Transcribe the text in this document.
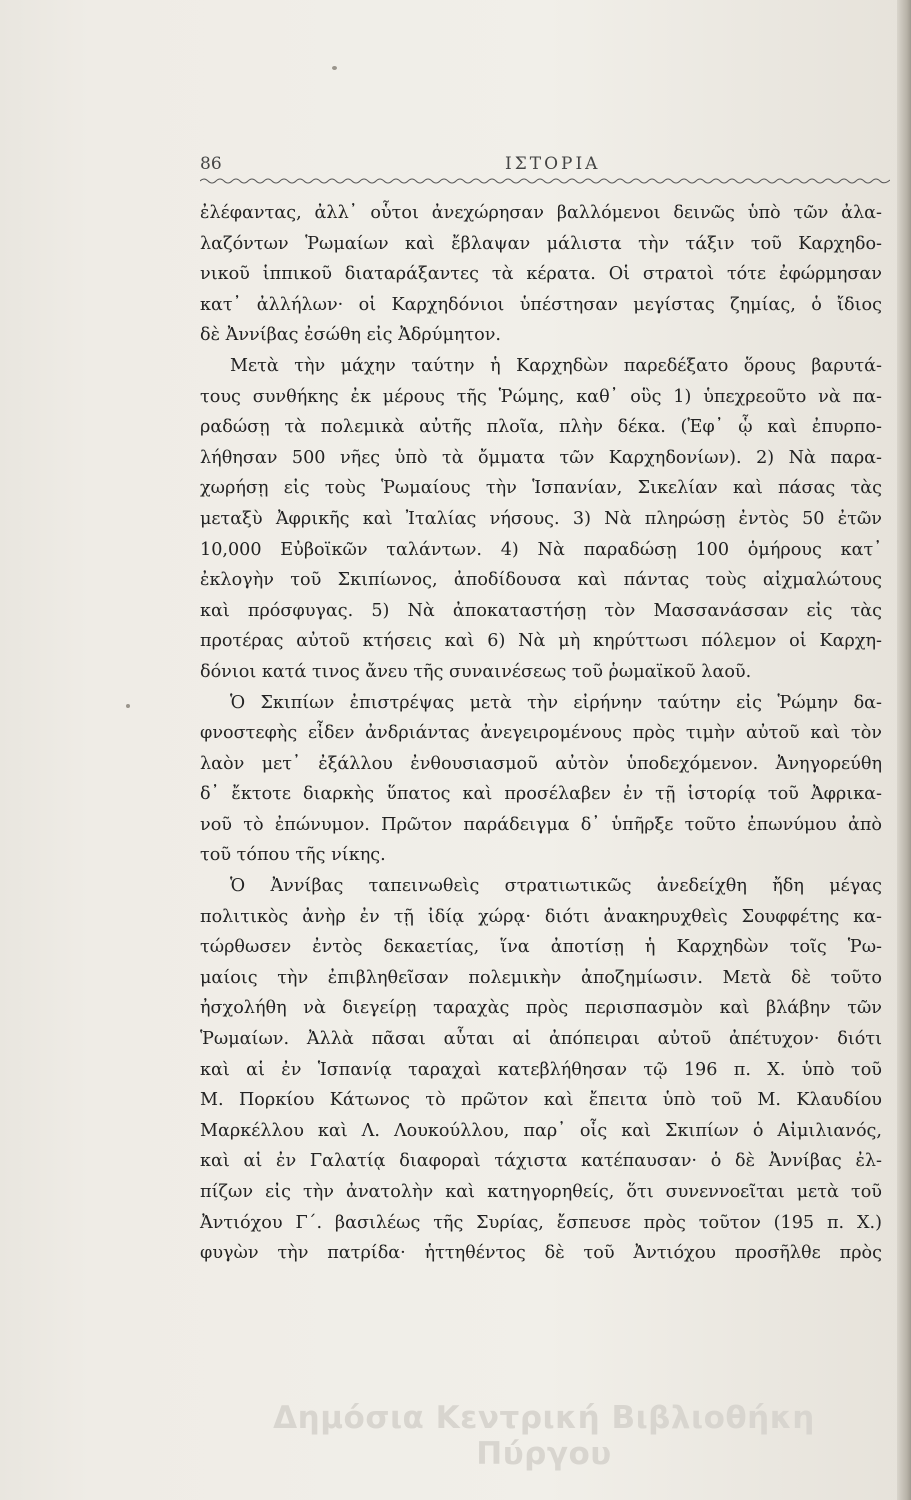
86	ΙΣΤΟΡΙΑ
ἐλέφαντας, ἀλλ᾽ οὗτοι ἀνεχώρησαν βαλλόμενοι δεινῶς ὑπὸ τῶν ἀλα-
λαζόντων Ῥωμαίων καὶ ἔβλαψαν μάλιστα τὴν τάξιν τοῦ Καρχηδο-
νικοῦ ἱππικοῦ διαταράξαντες τὰ κέρατα. Οἱ στρατοὶ τότε ἐφώρμησαν
κατ᾽ ἀλλήλων· οἱ Καρχηδόνιοι ὑπέστησαν μεγίστας ζημίας, ὁ ἴδιος
δὲ Ἀννίβας ἐσώθη εἰς Ἀδρύμητον.
Μετὰ τὴν μάχην ταύτην ἡ Καρχηδὼν παρεδέξατο ὅρους βαρυτά-
τους συνθήκης ἐκ μέρους τῆς Ῥώμης, καθ᾽ οὓς 1) ὑπεχρεοῦτο νὰ πα-
ραδώσῃ τὰ πολεμικὰ αὐτῆς πλοῖα, πλὴν δέκα. (Ἐφ᾽ ᾧ καὶ ἐπυρπο-
λήθησαν 500 νῆες ὑπὸ τὰ ὄμματα τῶν Καρχηδονίων). 2) Νὰ παρα-
χωρήσῃ εἰς τοὺς Ῥωμαίους τὴν Ἱσπανίαν, Σικελίαν καὶ πάσας τὰς
μεταξὺ Ἀφρικῆς καὶ Ἰταλίας νήσους. 3) Νὰ πληρώσῃ ἐντὸς 50 ἐτῶν
10,000 Εὐβοϊκῶν ταλάντων. 4) Νὰ παραδώσῃ 100 ὁμήρους κατ᾽
ἐκλογὴν τοῦ Σκιπίωνος, ἀποδίδουσα καὶ πάντας τοὺς αἰχμαλώτους
καὶ πρόσφυγας. 5) Νὰ ἀποκαταστήσῃ τὸν Μασσανάσσαν εἰς τὰς
προτέρας αὐτοῦ κτήσεις καὶ 6) Νὰ μὴ κηρύττωσι πόλεμον οἱ Καρχη-
δόνιοι κατά τινος ἄνευ τῆς συναινέσεως τοῦ ῥωμαϊκοῦ λαοῦ.
Ὁ Σκιπίων ἐπιστρέψας μετὰ τὴν εἰρήνην ταύτην εἰς Ῥώμην δα-
φνοστεφὴς εἶδεν ἀνδριάντας ἀνεγειρομένους πρὸς τιμὴν αὐτοῦ καὶ τὸν
λαὸν μετ᾽ ἐξάλλου ἐνθουσιασμοῦ αὐτὸν ὑποδεχόμενον. Ἀνηγορεύθη
δ᾽ ἔκτοτε διαρκὴς ὕπατος καὶ προσέλαβεν ἐν τῇ ἱστορίᾳ τοῦ Ἀφρικα-
νοῦ τὸ ἐπώνυμον. Πρῶτον παράδειγμα δ᾽ ὑπῆρξε τοῦτο ἐπωνύμου ἀπὸ
τοῦ τόπου τῆς νίκης.
Ὁ Ἀννίβας ταπεινωθεὶς στρατιωτικῶς ἀνεδείχθη ἤδη μέγας
πολιτικὸς ἀνὴρ ἐν τῇ ἰδίᾳ χώρᾳ· διότι ἀνακηρυχθεὶς Σουφφέτης κα-
τώρθωσεν ἐντὸς δεκαετίας, ἵνα ἀποτίσῃ ἡ Καρχηδὼν τοῖς Ῥω-
μαίοις τὴν ἐπιβληθεῖσαν πολεμικὴν ἀποζημίωσιν. Μετὰ δὲ τοῦτο
ἠσχολήθη νὰ διεγείρῃ ταραχὰς πρὸς περισπασμὸν καὶ βλάβην τῶν
Ῥωμαίων. Ἀλλὰ πᾶσαι αὗται αἱ ἀπόπειραι αὐτοῦ ἀπέτυχον· διότι
καὶ αἱ ἐν Ἱσπανίᾳ ταραχαὶ κατεβλήθησαν τῷ 196 π. Χ. ὑπὸ τοῦ
Μ. Πορκίου Κάτωνος τὸ πρῶτον καὶ ἔπειτα ὑπὸ τοῦ Μ. Κλαυδίου
Μαρκέλλου καὶ Λ. Λουκούλλου, παρ᾽ οἷς καὶ Σκιπίων ὁ Αἰμιλιανός,
καὶ αἱ ἐν Γαλατίᾳ διαφοραὶ τάχιστα κατέπαυσαν· ὁ δὲ Ἀννίβας ἐλ-
πίζων εἰς τὴν ἀνατολὴν καὶ κατηγορηθείς, ὅτι συνεννοεῖται μετὰ τοῦ
Ἀντιόχου Γ΄. βασιλέως τῆς Συρίας, ἔσπευσε πρὸς τοῦτον (195 π. Χ.)
φυγὼν τὴν πατρίδα· ἡττηθέντος δὲ τοῦ Ἀντιόχου προσῆλθε πρὸς
Δημόσια Κεντρική Βιβλιοθήκη Πύργου
